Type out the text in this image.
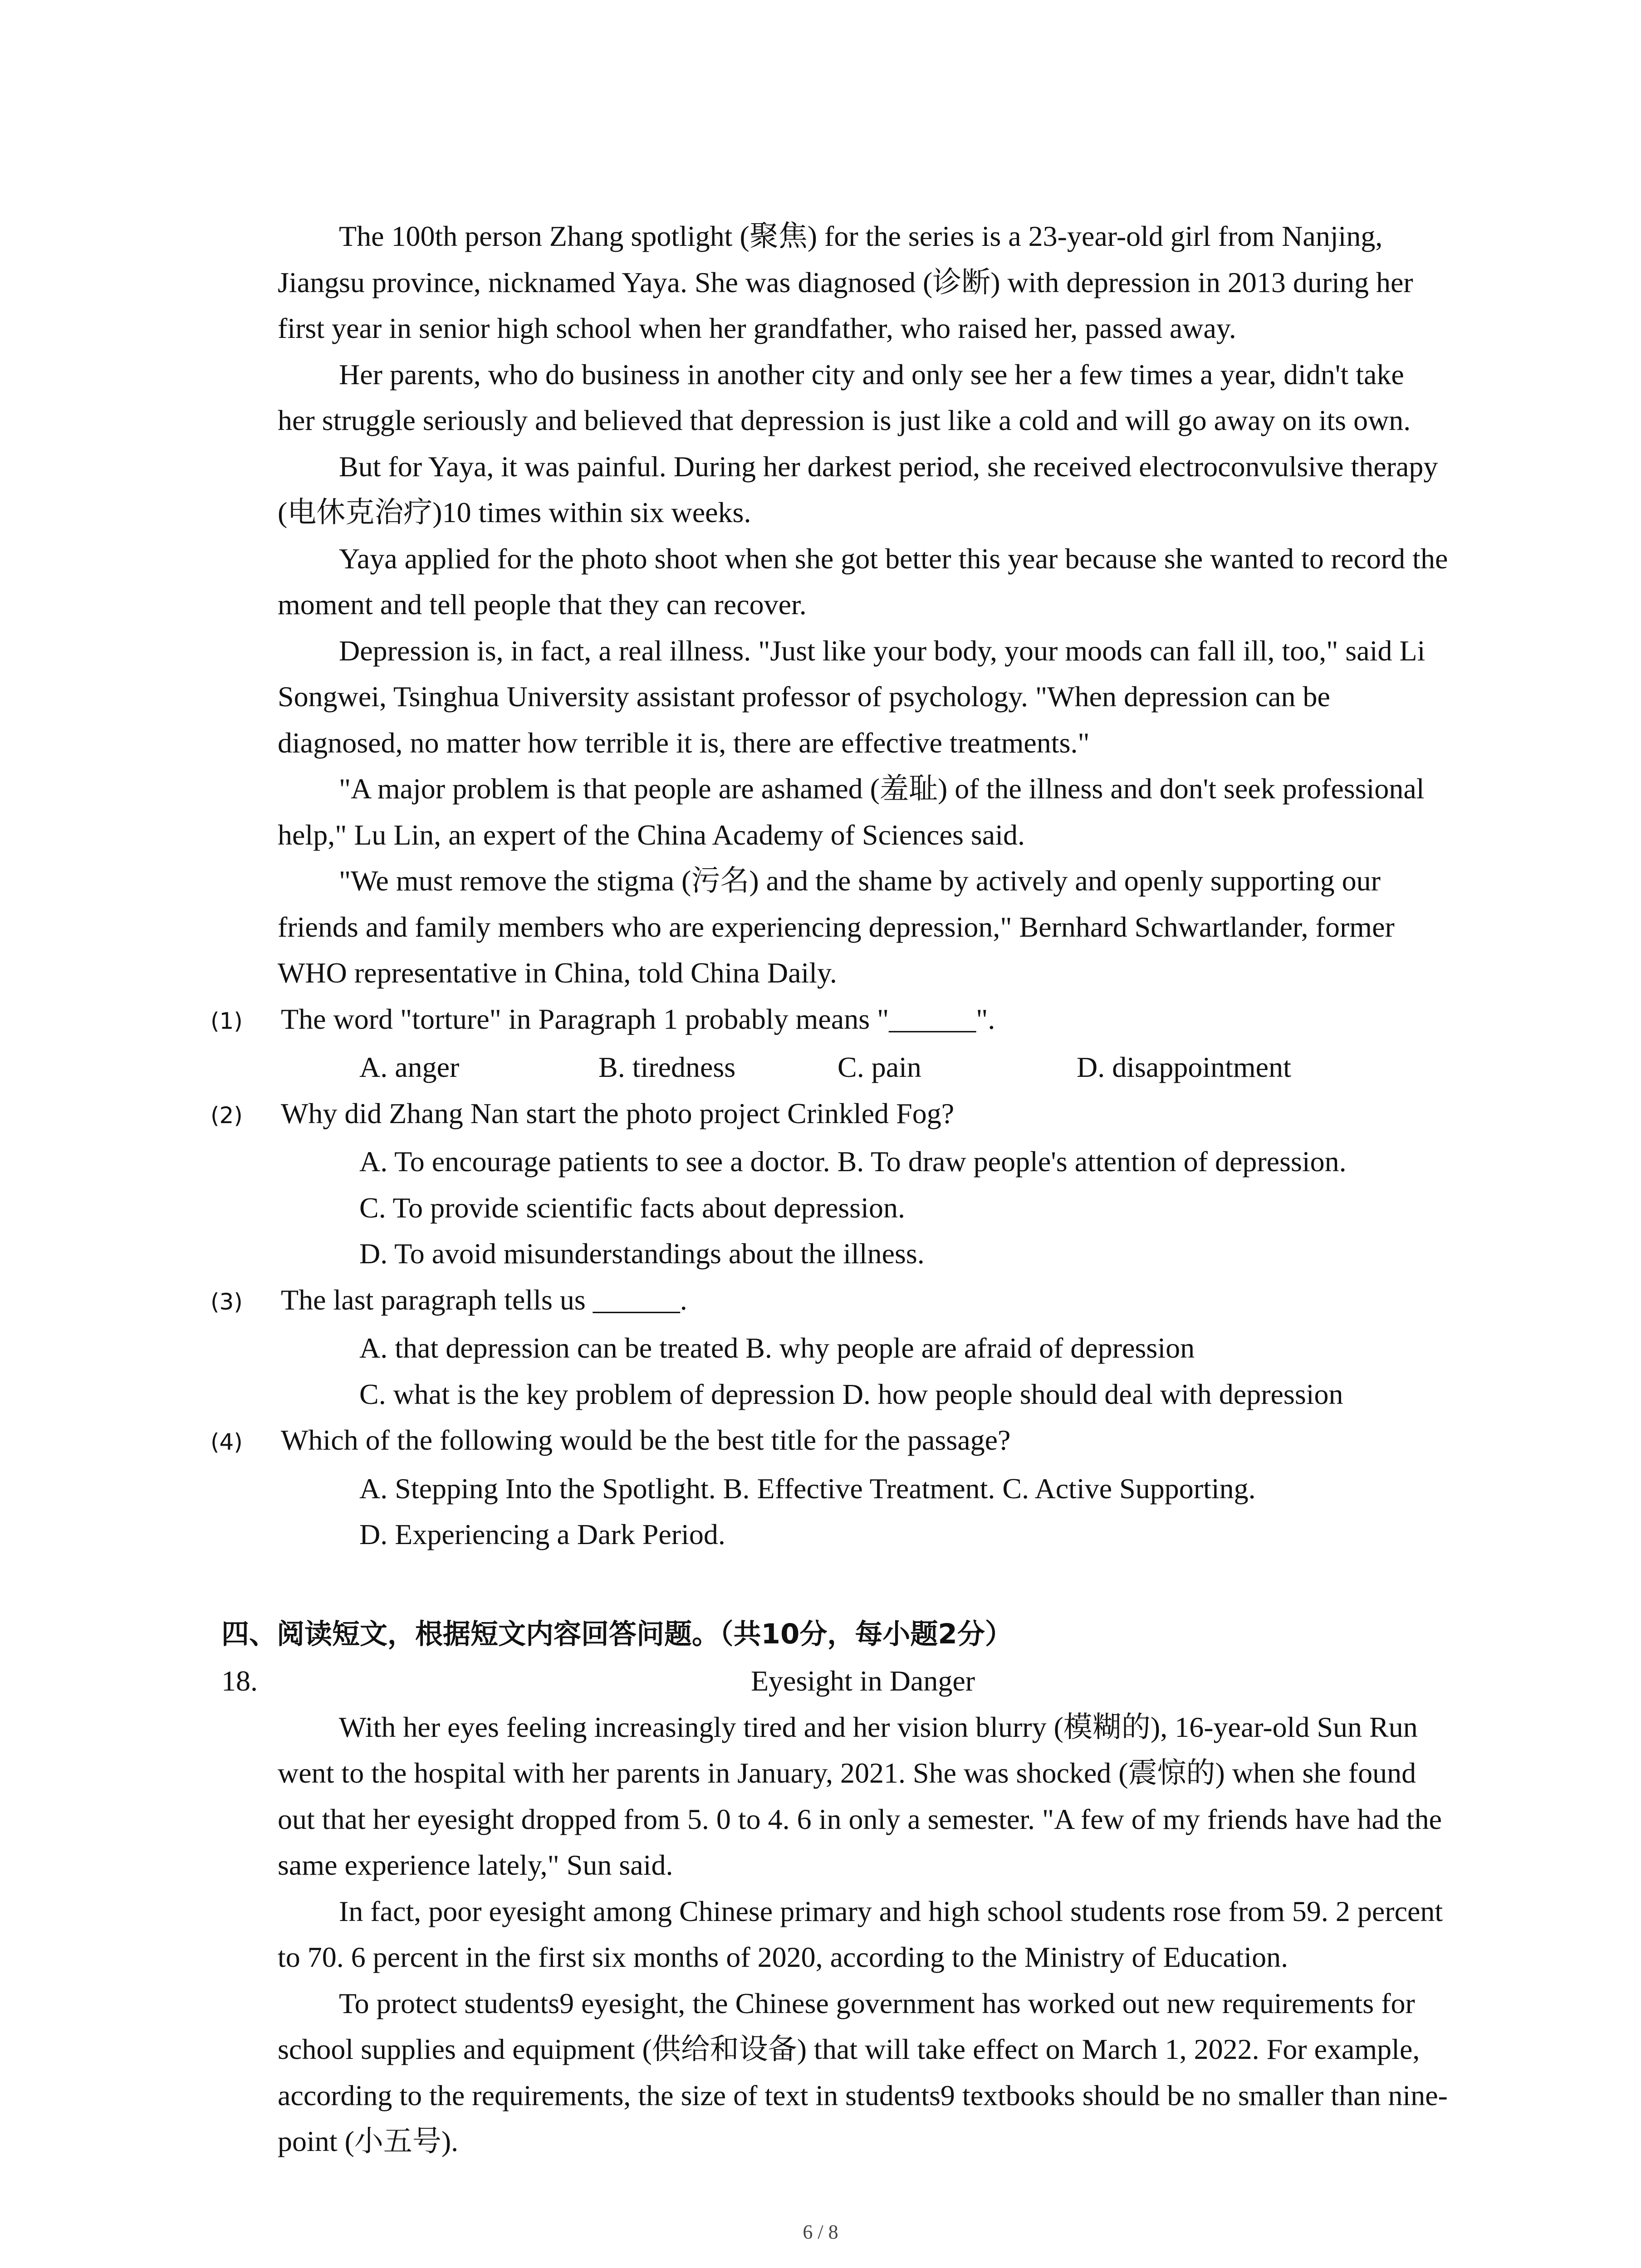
The 100th person Zhang spotlight (聚焦) for the series is a 23-year-old girl from Nanjing, Jiangsu province, nicknamed Yaya. She was diagnosed (诊断) with depression in 2013 during her first year in senior high school when her grandfather, who raised her, passed away.

Her parents, who do business in another city and only see her a few times a year, didn't take her struggle seriously and believed that depression is just like a cold and will go away on its own.

But for Yaya, it was painful. During her darkest period, she received electroconvulsive therapy (电休克治疗)10 times within six weeks.

Yaya applied for the photo shoot when she got better this year because she wanted to record the moment and tell people that they can recover.

Depression is, in fact, a real illness. "Just like your body, your moods can fall ill, too," said Li Songwei, Tsinghua University assistant professor of psychology. "When depression can be diagnosed, no matter how terrible it is, there are effective treatments."

"A major problem is that people are ashamed (羞耻) of the illness and don't seek professional help," Lu Lin, an expert of the China Academy of Sciences said.

"We must remove the stigma (污名) and the shame by actively and openly supporting our friends and family members who are experiencing depression," Bernhard Schwartlander, former WHO representative in China, told China Daily.

(1)	The word "torture" in Paragraph 1 probably means "______".
A. anger	B. tiredness	C. pain	D. disappointment
(2)	Why did Zhang Nan start the photo project Crinkled Fog?
A. To encourage patients to see a doctor. B. To draw people's attention of depression.
C. To provide scientific facts about depression.
D. To avoid misunderstandings about the illness.
(3)	The last paragraph tells us ______.
A. that depression can be treated B. why people are afraid of depression
C. what is the key problem of depression D. how people should deal with depression
(4)	Which of the following would be the best title for the passage?
A. Stepping Into the Spotlight. B. Effective Treatment. C. Active Supporting.
D. Experiencing a Dark Period.
四、阅读短文，根据短文内容回答问题。（共10分，每小题2分）
18.	Eyesight in Danger

With her eyes feeling increasingly tired and her vision blurry (模糊的), 16-year-old Sun Run went to the hospital with her parents in January, 2021. She was shocked (震惊的) when she found out that her eyesight dropped from 5. 0 to 4. 6 in only a semester. "A few of my friends have had the same experience lately," Sun said.

In fact, poor eyesight among Chinese primary and high school students rose from 59. 2 percent to 70. 6 percent in the first six months of 2020, according to the Ministry of Education.

To protect students9 eyesight, the Chinese government has worked out new requirements for school supplies and equipment (供给和设备) that will take effect on March 1, 2022. For example, according to the requirements, the size of text in students9 textbooks should be no smaller than nine-point (小五号).

6 / 8
